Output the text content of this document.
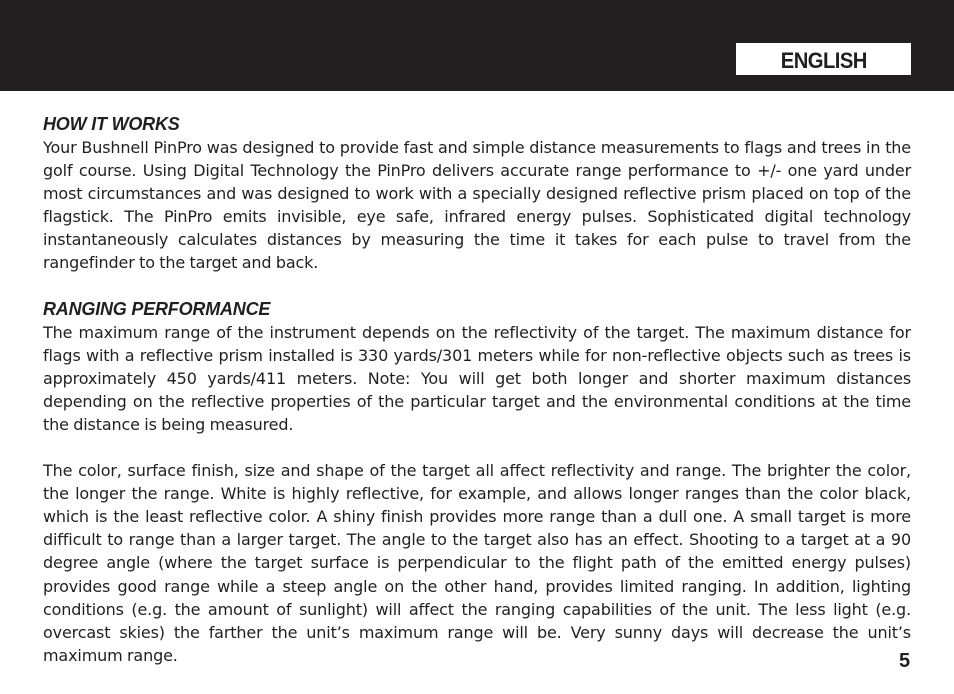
ENGLISH
HOW IT WORKS

Your Bushnell PinPro was designed to provide fast and simple distance measurements to flags and trees in the golf course. Using Digital Technology the PinPro delivers accurate range performance to +/- one yard under most circumstances and was designed to work with a specially designed reflective prism placed on top of the flagstick. The PinPro emits invisible, eye safe, infrared energy pulses. Sophisticated digital technology instantaneously calculates distances by measuring the time it takes for each pulse to travel from the rangefinder to the target and back.

RANGING PERFORMANCE

The maximum range of the instrument depends on the reflectivity of the target. The maximum distance for flags with a reflective prism installed is 330 yards/301 meters while for non-reflective objects such as trees is approximately 450 yards/411 meters. Note: You will get both longer and shorter maximum distances depending on the reflective properties of the particular target and the environmental conditions at the time the distance is being measured.

The color, surface finish, size and shape of the target all affect reflectivity and range. The brighter the color, the longer the range. White is highly reflective, for example, and allows longer ranges than the color black, which is the least reflective color. A shiny finish provides more range than a dull one. A small target is more difficult to range than a larger target. The angle to the target also has an effect. Shooting to a target at a 90 degree angle (where the target surface is perpendicular to the flight path of the emitted energy pulses) provides good range while a steep angle on the other hand, provides limited ranging. In addition, lighting conditions (e.g. the amount of sunlight) will affect the ranging capabilities of the unit. The less light (e.g. overcast skies) the farther the unit’s maximum range will be. Very sunny days will decrease the unit’s maximum range.	5
